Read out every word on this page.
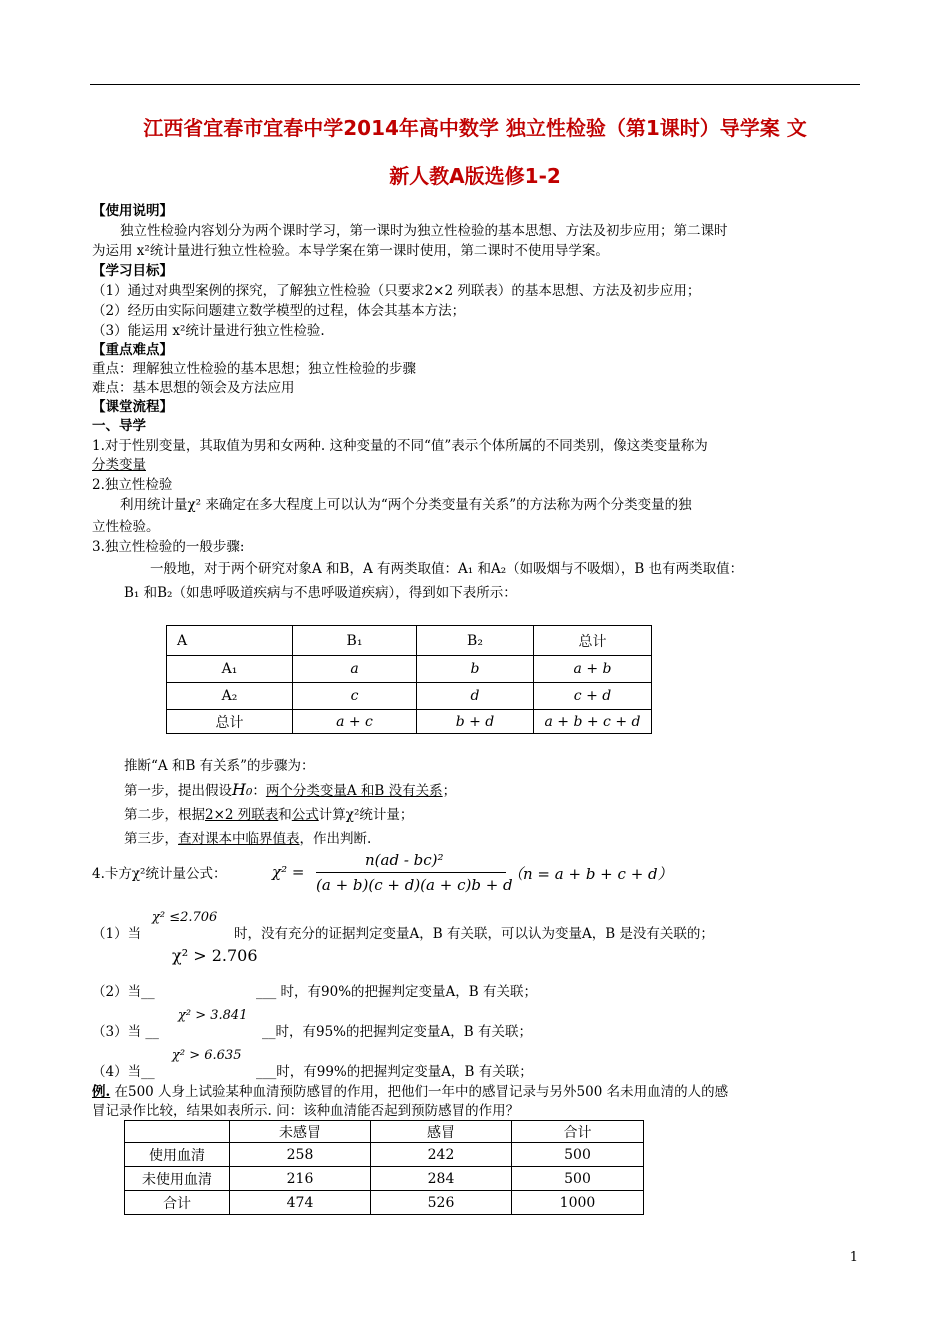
江西省宜春市宜春中学2014年高中数学 独立性检验（第1课时）导学案 文
新人教A版选修1-2
【使用说明】
独立性检验内容划分为两个课时学习，第一课时为独立性检验的基本思想、方法及初步应用；第二课时
为运用 x²统计量进行独立性检验。本导学案在第一课时使用，第二课时不使用导学案。
【学习目标】
（1）通过对典型案例的探究，了解独立性检验（只要求2×2 列联表）的基本思想、方法及初步应用；
（2）经历由实际问题建立数学模型的过程，体会其基本方法；
（3）能运用 x²统计量进行独立性检验.
【重点难点】
重点：理解独立性检验的基本思想；独立性检验的步骤
难点：基本思想的领会及方法应用
【课堂流程】
一、导学
1.对于性别变量，其取值为男和女两种. 这种变量的不同“值”表示个体所属的不同类别，像这类变量称为
分类变量
2.独立性检验
利用统计量χ² 来确定在多大程度上可以认为“两个分类变量有关系”的方法称为两个分类变量的独
立性检验。
3.独立性检验的一般步骤:
一般地，对于两个研究对象A 和B，A 有两类取值：A₁ 和A₂（如吸烟与不吸烟），B 也有两类取值：
B₁ 和B₂（如患呼吸道疾病与不患呼吸道疾病），得到如下表所示：
A	B₁	B₂	总计
A₁	a	b	a + b
A₂	c	d	c + d
总计	a + c	b + d	a + b + c + d
推断“A 和B 有关系”的步骤为：
第一步，提出假设H₀：两个分类变量A 和B 没有关系；
第二步，根据2×2 列联表和公式计算χ²统计量；
第三步，查对课本中临界值表，作出判断.
4.卡方χ²统计量公式：	χ² =
n(ad - bc)²
(a + b)(c + d)(a + c)b + d
（n = a + b + c + d）
（1）当
χ² ≤2.706
时，没有充分的证据判定变量A，B 有关联，可以认为变量A，B 是没有关联的；
χ² > 2.706
（2）当__	___ 时，有90%的把握判定变量A，B 有关联；
（3）当 __
χ² > 3.841
__时，有95%的把握判定变量A，B 有关联；
（4）当__
χ² > 6.635
___时，有99%的把握判定变量A，B 有关联；
例. 在500 人身上试验某种血清预防感冒的作用，把他们一年中的感冒记录与另外500 名未用血清的人的感
冒记录作比较，结果如表所示. 问：该种血清能否起到预防感冒的作用？
	未感冒	感冒	合计
使用血清	258	242	500
未使用血清	216	284	500
合计	474	526	1000
1
